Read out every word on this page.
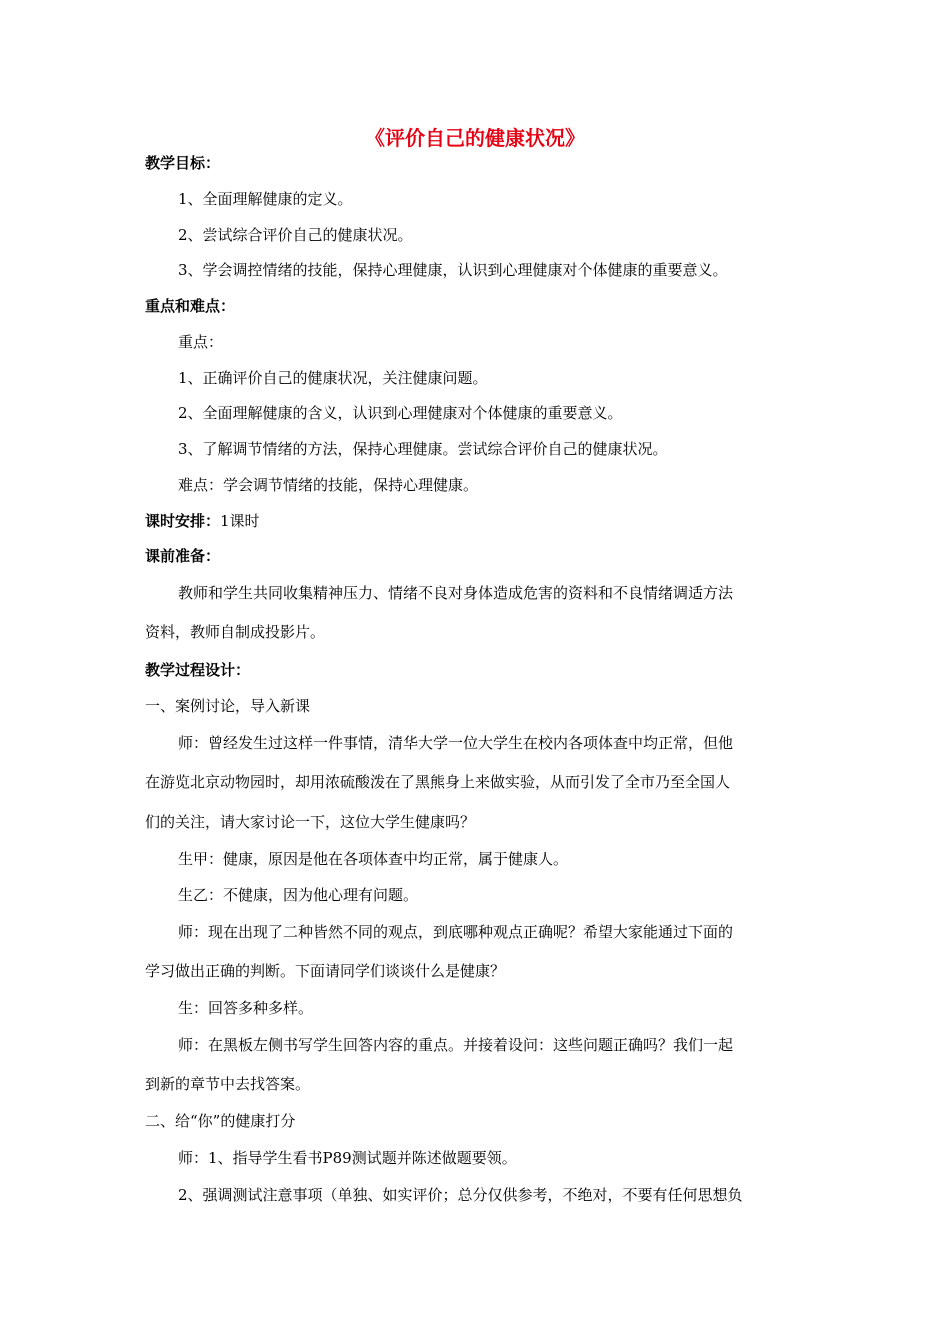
《评价自己的健康状况》
教学目标：
1、全面理解健康的定义。
2、尝试综合评价自己的健康状况。
3、学会调控情绪的技能，保持心理健康，认识到心理健康对个体健康的重要意义。
重点和难点：
重点：
1、正确评价自己的健康状况，关注健康问题。
2、全面理解健康的含义，认识到心理健康对个体健康的重要意义。
3、了解调节情绪的方法，保持心理健康。尝试综合评价自己的健康状况。
难点：学会调节情绪的技能，保持心理健康。
课时安排：1课时
课前准备：
教师和学生共同收集精神压力、情绪不良对身体造成危害的资料和不良情绪调适方法
资料，教师自制成投影片。
教学过程设计：
一、案例讨论，导入新课
师：曾经发生过这样一件事情，清华大学一位大学生在校内各项体查中均正常，但他
在游览北京动物园时，却用浓硫酸泼在了黑熊身上来做实验，从而引发了全市乃至全国人
们的关注，请大家讨论一下，这位大学生健康吗？
生甲：健康，原因是他在各项体查中均正常，属于健康人。
生乙：不健康，因为他心理有问题。
师：现在出现了二种皆然不同的观点，到底哪种观点正确呢？希望大家能通过下面的
学习做出正确的判断。下面请同学们谈谈什么是健康？
生：回答多种多样。
师：在黑板左侧书写学生回答内容的重点。并接着设问：这些问题正确吗？我们一起
到新的章节中去找答案。
二、给“你”的健康打分
师：1、指导学生看书P89测试题并陈述做题要领。
2、强调测试注意事项（单独、如实评价；总分仅供参考，不绝对，不要有任何思想负
